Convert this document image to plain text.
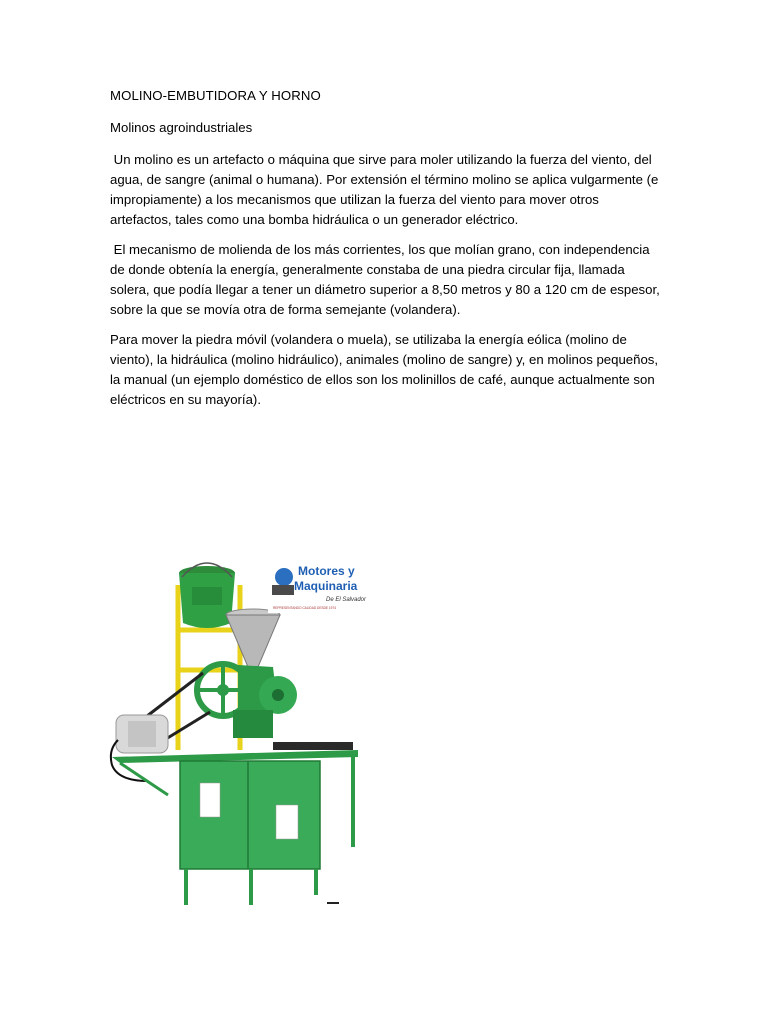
MOLINO-EMBUTIDORA Y HORNO
Molinos agroindustriales

Un molino es un artefacto o máquina que sirve para moler utilizando la fuerza del viento, del agua, de sangre (animal o humana). Por extensión el término molino se aplica vulgarmente (e impropiamente) a los mecanismos que utilizan la fuerza del viento para mover otros artefactos, tales como una bomba hidráulica o un generador eléctrico.

El mecanismo de molienda de los más corrientes, los que molían grano, con independencia de donde obtenía la energía, generalmente constaba de una piedra circular fija, llamada solera, que podía llegar a tener un diámetro superior a 8,50 metros y 80 a 120 cm de espesor, sobre la que se movía otra de forma semejante (volandera).

Para mover la piedra móvil (volandera o muela), se utilizaba la energía eólica (molino de viento), la hidráulica (molino hidráulico), animales (molino de sangre) y, en molinos pequeños, la manual (un ejemplo doméstico de ellos son los molinillos de café, aunque actualmente son eléctricos en su mayoría).

Motores y
Maquinaria
De El Salvador
REPRESENTANDO CALIDAD DESDE 1974
